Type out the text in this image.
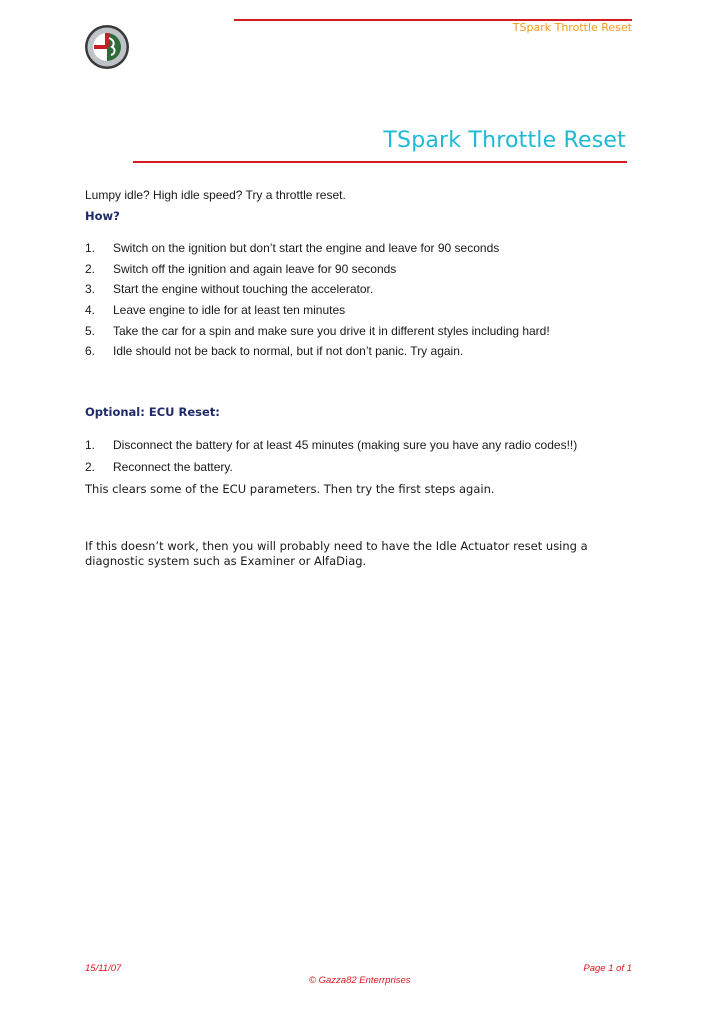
TSpark Throttle Reset
TSpark Throttle Reset
Lumpy idle? High idle speed? Try a throttle reset.
How?
1. Switch on the ignition but don’t start the engine and leave for 90 seconds
2. Switch off the ignition and again leave for 90 seconds
3. Start the engine without touching the accelerator.
4. Leave engine to idle for at least ten minutes
5. Take the car for a spin and make sure you drive it in different styles including hard!
6. Idle should not be back to normal, but if not don’t panic. Try again.
Optional: ECU Reset:
1. Disconnect the battery for at least 45 minutes (making sure you have any radio codes!!)
2. Reconnect the battery.
This clears some of the ECU parameters. Then try the first steps again.
If this doesn’t work, then you will probably need to have the Idle Actuator reset using a
diagnostic system such as Examiner or AlfaDiag.
15/11/07	Page 1 of 1
© Gazza82 Enterrprises
